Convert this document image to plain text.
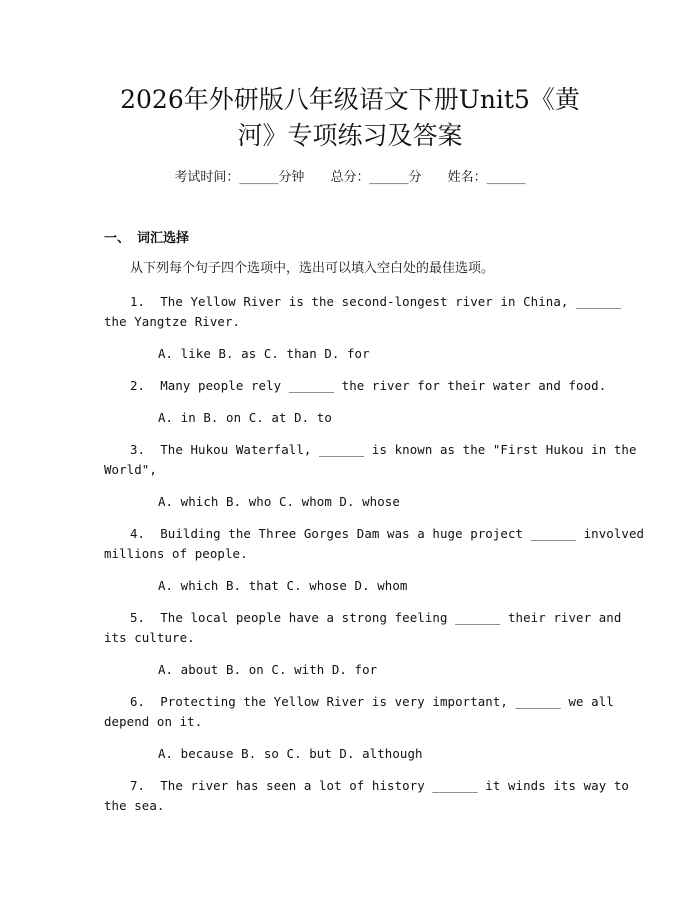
2026年外研版八年级语文下册Unit5《黄
河》专项练习及答案
考试时间：______分钟 总分：______分 姓名：______
一、 词汇选择
从下列每个句子四个选项中，选出可以填入空白处的最佳选项。
1.  The Yellow River is the second-longest river in China, ______
the Yangtze River.
A. like B. as C. than D. for
2.  Many people rely ______ the river for their water and food.
A. in B. on C. at D. to
3.  The Hukou Waterfall, ______ is known as the "First Hukou in the
World",
A. which B. who C. whom D. whose
4.  Building the Three Gorges Dam was a huge project ______ involved
millions of people.
A. which B. that C. whose D. whom
5.  The local people have a strong feeling ______ their river and
its culture.
A. about B. on C. with D. for
6.  Protecting the Yellow River is very important, ______ we all
depend on it.
A. because B. so C. but D. although
7.  The river has seen a lot of history ______ it winds its way to
the sea.
